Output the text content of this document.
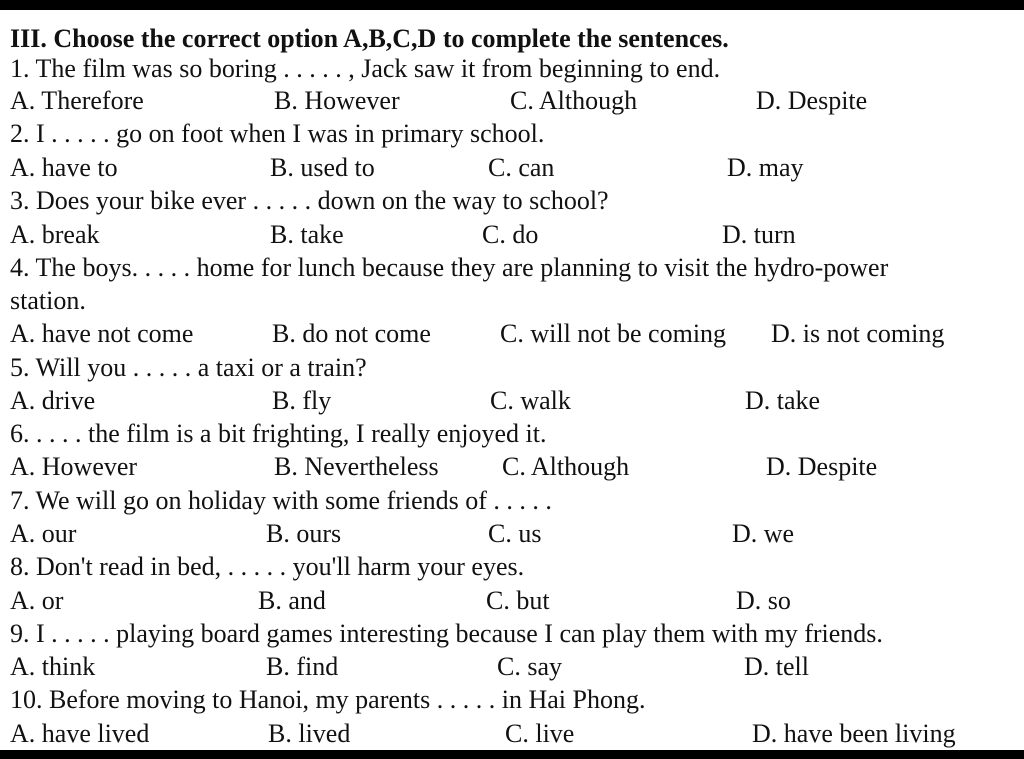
III. Choose the correct option A,B,C,D to complete the sentences.
1. The film was so boring . . . . . , Jack saw it from beginning to end.
A. Therefore	B. However	C. Although	D. Despite
2. I . . . . . go on foot when I was in primary school.
A. have to	B. used to	C. can	D. may
3. Does your bike ever . . . . . down on the way to school?
A. break	B. take	C. do	D. turn
4. The boys. . . . . home for lunch because they are planning to visit the hydro-power
station.
A. have not come	B. do not come	C. will not be coming D. is not coming
5. Will you . . . . . a taxi or a train?
A. drive	B. fly	C. walk	D. take
6. . . . . the film is a bit frighting, I really enjoyed it.
A. However	B. Nevertheless C. Although	D. Despite
7. We will go on holiday with some friends of . . . . .
A. our	B. ours	C. us	D. we
8. Don't read in bed, . . . . . you'll harm your eyes.
A. or	B. and	C. but	D. so
9. I . . . . . playing board games interesting because I can play them with my friends.
A. think	B. find	C. say	D. tell
10. Before moving to Hanoi, my parents . . . . . in Hai Phong.
A. have lived	B. lived	C. live	D. have been living
